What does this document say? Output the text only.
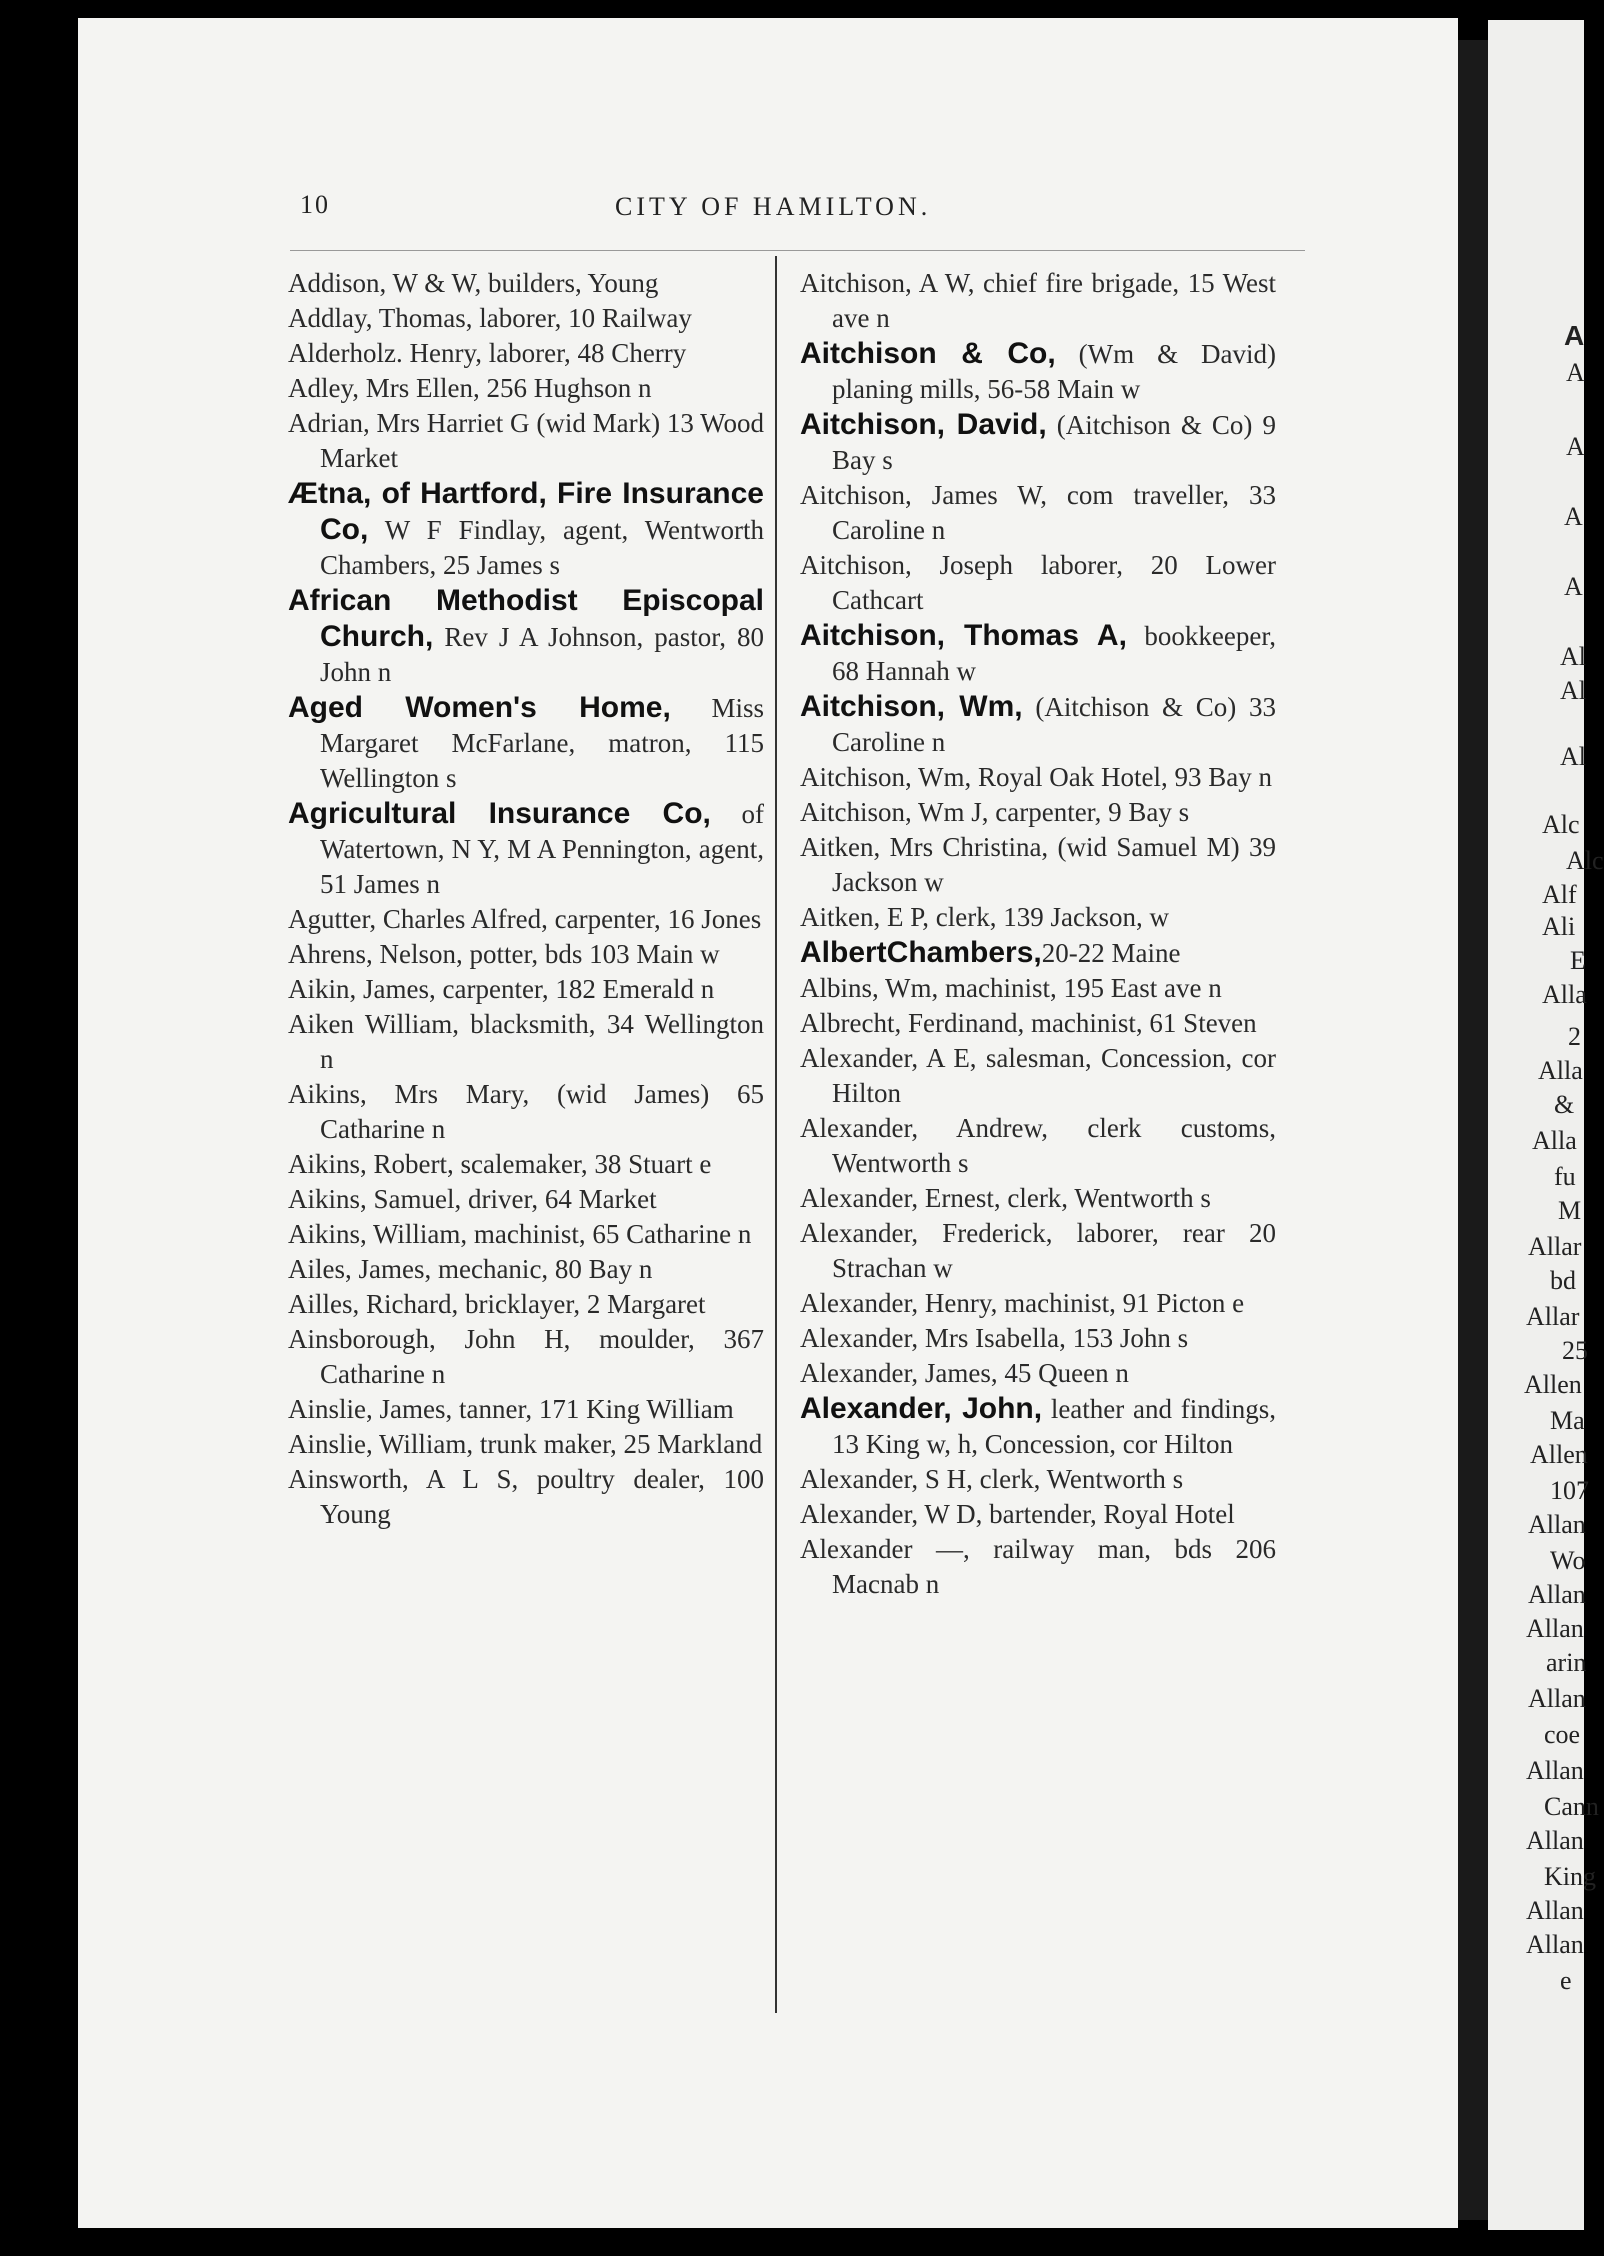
A
A
A
A
A
Al
Al
Al
Alc
Alc
Alf
Ali
E
Alla
2
Alla
&
Alla
fu
M
Allar
bd
Allar
25
Allen
Ma
Allen
107
Allan
Wo
Allan
Allan
arin
Allan
coe
Allan
Cann
Allan
King
Allan
Allan
e
10	CITY OF HAMILTON.
Addison, W & W, builders, Young
Addlay, Thomas, laborer, 10 Railway
Alderholz. Henry, laborer, 48 Cherry
Adley, Mrs Ellen, 256 Hughson n
Adrian, Mrs Harriet G (wid Mark) 13 Wood Market
Ætna, of Hartford, Fire Insurance Co, W F Findlay, agent, Wentworth Chambers, 25 James s
African Methodist Episcopal Church, Rev J A Johnson, pastor, 80 John n
Aged Women's Home, Miss Margaret McFarlane, matron, 115 Wellington s
Agricultural Insurance Co, of Watertown, N Y, M A Pennington, agent, 51 James n
Agutter, Charles Alfred, carpenter, 16 Jones
Ahrens, Nelson, potter, bds 103 Main w
Aikin, James, carpenter, 182 Emerald n
Aiken William, blacksmith, 34 Wellington n
Aikins, Mrs Mary, (wid James) 65 Catharine n
Aikins, Robert, scalemaker, 38 Stuart e
Aikins, Samuel, driver, 64 Market
Aikins, William, machinist, 65 Catharine n
Ailes, James, mechanic, 80 Bay n
Ailles, Richard, bricklayer, 2 Margaret
Ainsborough, John H, moulder, 367 Catharine n
Ainslie, James, tanner, 171 King William
Ainslie, William, trunk maker, 25 Markland
Ainsworth, A L S, poultry dealer, 100 Young
Aitchison, A W, chief fire brigade, 15 West ave n
Aitchison & Co, (Wm & David) planing mills, 56-58 Main w
Aitchison, David, (Aitchison & Co) 9 Bay s
Aitchison, James W, com traveller, 33 Caroline n
Aitchison, Joseph laborer, 20 Lower Cathcart
Aitchison, Thomas A, bookkeeper, 68 Hannah w
Aitchison, Wm, (Aitchison & Co) 33 Caroline n
Aitchison, Wm, Royal Oak Hotel, 93 Bay n
Aitchison, Wm J, carpenter, 9 Bay s
Aitken, Mrs Christina, (wid Samuel M) 39 Jackson w
Aitken, E P, clerk, 139 Jackson, w
AlbertChambers,20-22 Maine
Albins, Wm, machinist, 195 East ave n
Albrecht, Ferdinand, machinist, 61 Steven
Alexander, A E, salesman, Concession, cor Hilton
Alexander, Andrew, clerk customs, Wentworth s
Alexander, Ernest, clerk, Wentworth s
Alexander, Frederick, laborer, rear 20 Strachan w
Alexander, Henry, machinist, 91 Picton e
Alexander, Mrs Isabella, 153 John s
Alexander, James, 45 Queen n
Alexander, John, leather and findings, 13 King w, h, Concession, cor Hilton
Alexander, S H, clerk, Wentworth s
Alexander, W D, bartender, Royal Hotel
Alexander —, railway man, bds 206 Macnab n
